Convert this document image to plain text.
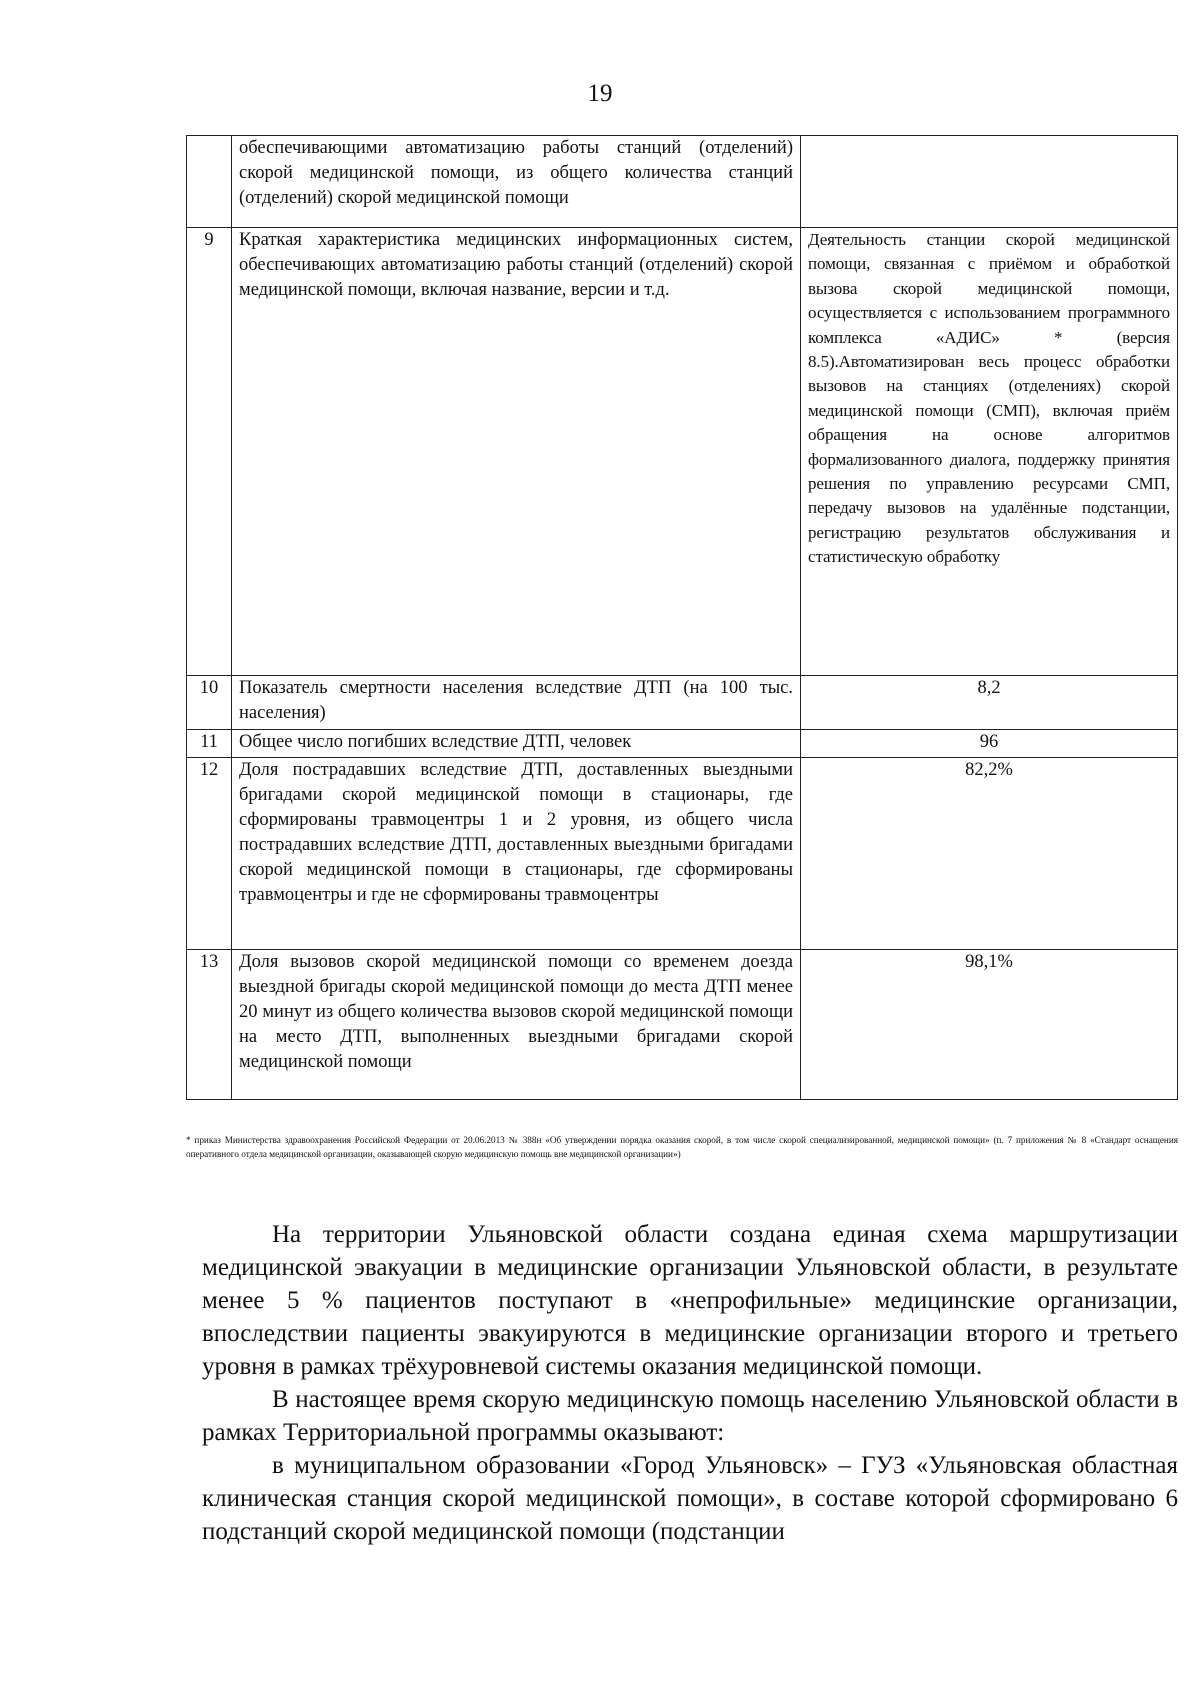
19
	обеспечивающими автоматизацию работы станций (отделений) скорой медицинской помощи, из общего количества станций (отделений) скорой медицинской помощи	
9	Краткая характеристика медицинских информационных систем, обеспечивающих автоматизацию работы станций (отделений) скорой медицинской помощи, включая название, версии и т.д.	Деятельность станции скорой медицинской помощи, связанная с приёмом и обработкой вызова скорой медицинской помощи, осуществляется с использованием программного комплекса «АДИС» * (версия 8.5).Автоматизирован весь процесс обработки вызовов на станциях (отделениях) скорой медицинской помощи (СМП), включая приём обращения на основе алгоритмов формализованного диалога, поддержку принятия решения по управлению ресурсами СМП, передачу вызовов на удалённые подстанции, регистрацию результатов обслуживания и статистическую обработку
10	Показатель смертности населения вследствие ДТП (на 100 тыс. населения)	8,2
11	Общее число погибших вследствие ДТП, человек	96
12	Доля пострадавших вследствие ДТП, доставленных выездными бригадами скорой медицинской помощи в стационары, где сформированы травмоцентры 1 и 2 уровня, из общего числа пострадавших вследствие ДТП, доставленных выездными бригадами скорой медицинской помощи в стационары, где сформированы травмоцентры и где не сформированы травмоцентры	82,2%
13	Доля вызовов скорой медицинской помощи со временем доезда выездной бригады скорой медицинской помощи до места ДТП менее 20 минут из общего количества вызовов скорой медицинской помощи на место ДТП, выполненных выездными бригадами скорой медицинской помощи	98,1%
* приказ Министерства здравоохранения Российской Федерации от 20.06.2013 № 388н «Об утверждении порядка оказания скорой, в том числе скорой специализированной, медицинской помощи» (п. 7 приложения № 8 «Стандарт оснащения оперативного отдела медицинской организации, оказывающей скорую медицинскую помощь вне медицинской организации»)

На территории Ульяновской области создана единая схема маршрутизации медицинской эвакуации в медицинские организации Ульяновской области, в результате менее 5 % пациентов поступают в «непрофильные» медицинские организации, впоследствии пациенты эвакуируются в медицинские организации второго и третьего уровня в рамках трёхуровневой системы оказания медицинской помощи.

В настоящее время скорую медицинскую помощь населению Ульяновской области в рамках Территориальной программы оказывают:

в муниципальном образовании «Город Ульяновск» – ГУЗ «Ульяновская областная клиническая станция скорой медицинской помощи», в составе которой сформировано 6 подстанций скорой медицинской помощи (подстанции
